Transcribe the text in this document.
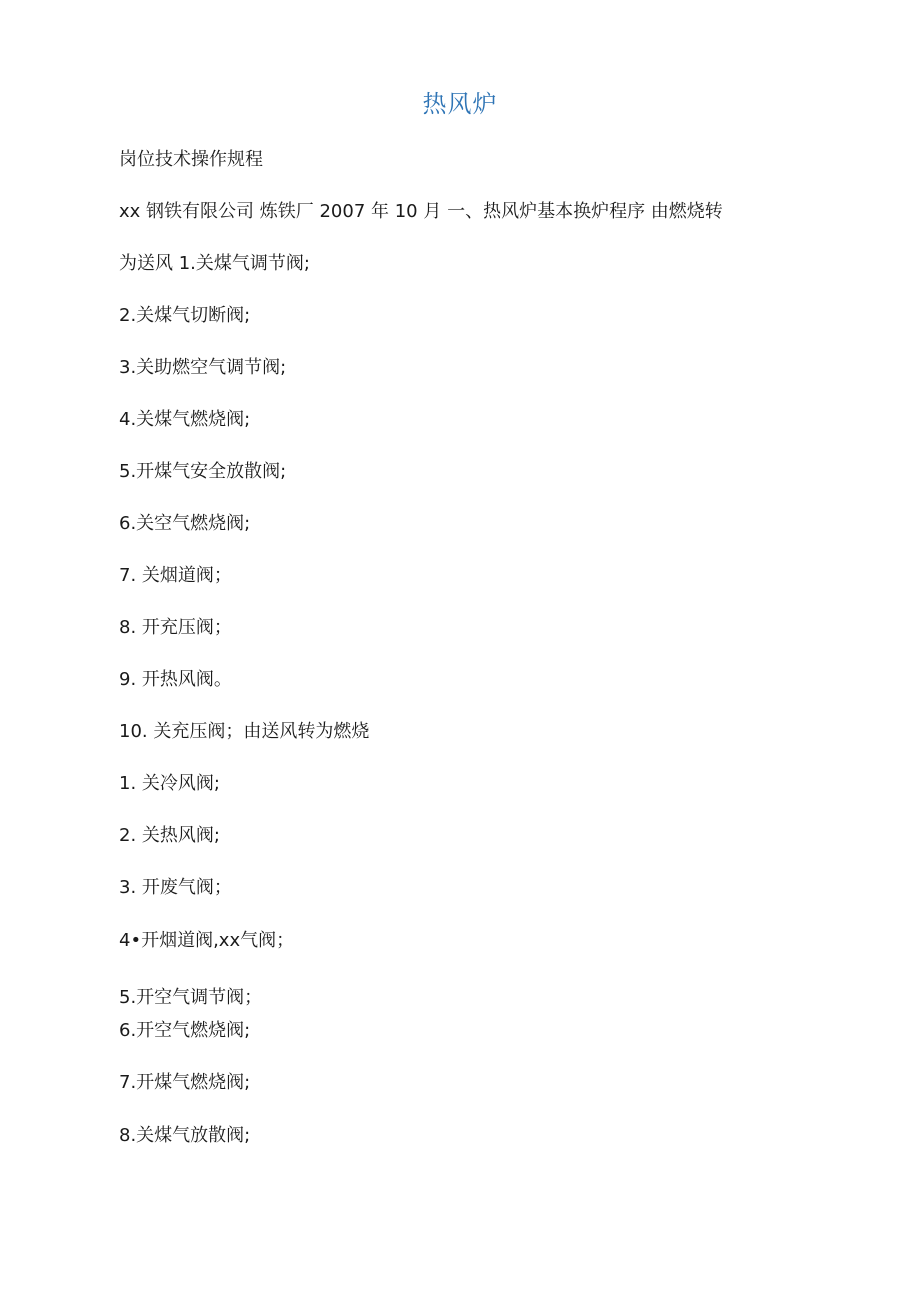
热风炉
岗位技术操作规程
xx 钢铁有限公司 炼铁厂 2007 年 10 月 一、热风炉基本换炉程序 由燃烧转
为送风 1.关煤气调节阀;
2.关煤气切断阀;
3.关助燃空气调节阀;
4.关煤气燃烧阀;
5.开煤气安全放散阀;
6.关空气燃烧阀;
7. 关烟道阀；
8. 开充压阀；
9. 开热风阀。
10. 关充压阀；由送风转为燃烧
1. 关冷风阀;
2. 关热风阀;
3. 开废气阀；
4•开烟道阀,xx气阀；
5.开空气调节阀；
6.开空气燃烧阀;
7.开煤气燃烧阀;
8.关煤气放散阀;
